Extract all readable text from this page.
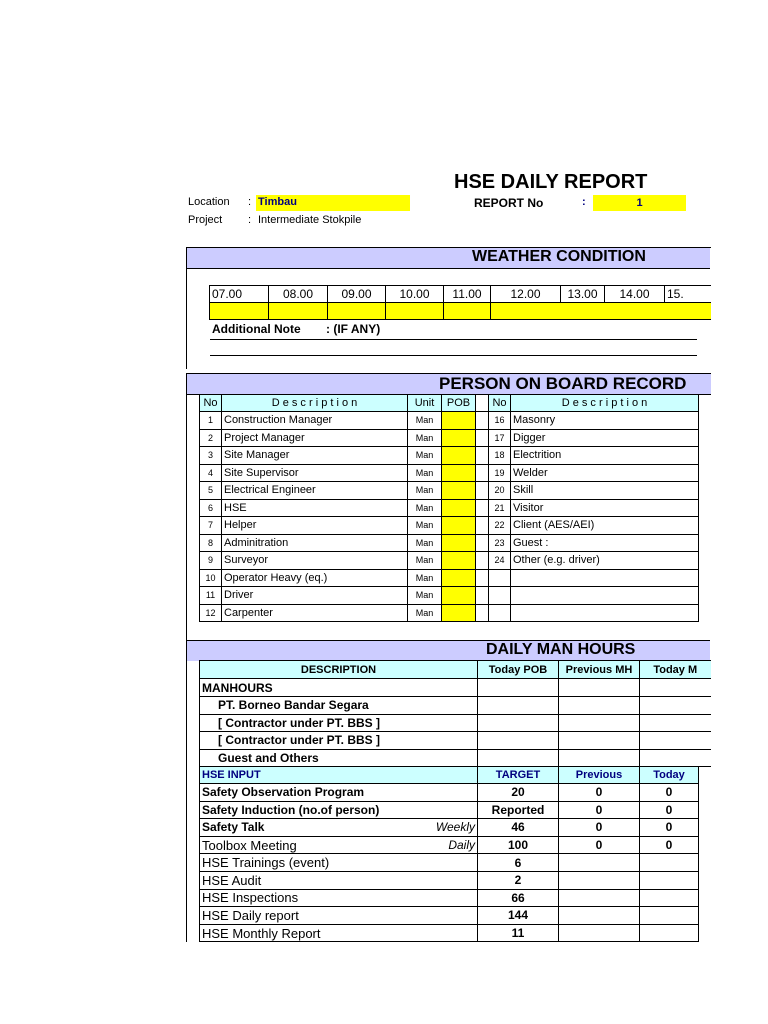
HSE DAILY REPORT
Location : Timbau
Project : Intermediate Stokpile
REPORT No	:	1
WEATHER CONDITION
07.00	08.00	09.00	10.00	11.00	12.00	13.00	14.00	15.

Additional Note : (IF ANY)
PERSON ON BOARD RECORD
No	D e s c r i p t i o n	Unit	POB		No	D e s c r i p t i o n
1	Construction Manager	Man			16	Masonry
2	Project Manager	Man			17	Digger
3	Site Manager	Man			18	Electrition
4	Site Supervisor	Man			19	Welder
5	Electrical Engineer	Man			20	Skill
6	HSE	Man			21	Visitor
7	Helper	Man			22	Client (AES/AEI)
8	Adminitration	Man			23	Guest :
9	Surveyor	Man			24	Other (e.g. driver)
10	Operator Heavy (eq.)	Man				
11	Driver	Man				
12	Carpenter	Man				
DAILY MAN HOURS
DESCRIPTION	Today POB	Previous MH	Today M
MANHOURS			
PT. Borneo Bandar Segara			
[ Contractor under PT. BBS ]			
[ Contractor under PT. BBS ]			
Guest and Others			
HSE INPUT	TARGET	Previous	Today
Safety Observation Program	20	0	0
Safety Induction (no.of person)	Reported	0	0
Safety Talk Weekly	46	0	0
Toolbox Meeting Daily	100	0	0
HSE Trainings (event)	6		
HSE Audit	2		
HSE Inspections	66		
HSE Daily report	144		
HSE Monthly Report	11		
